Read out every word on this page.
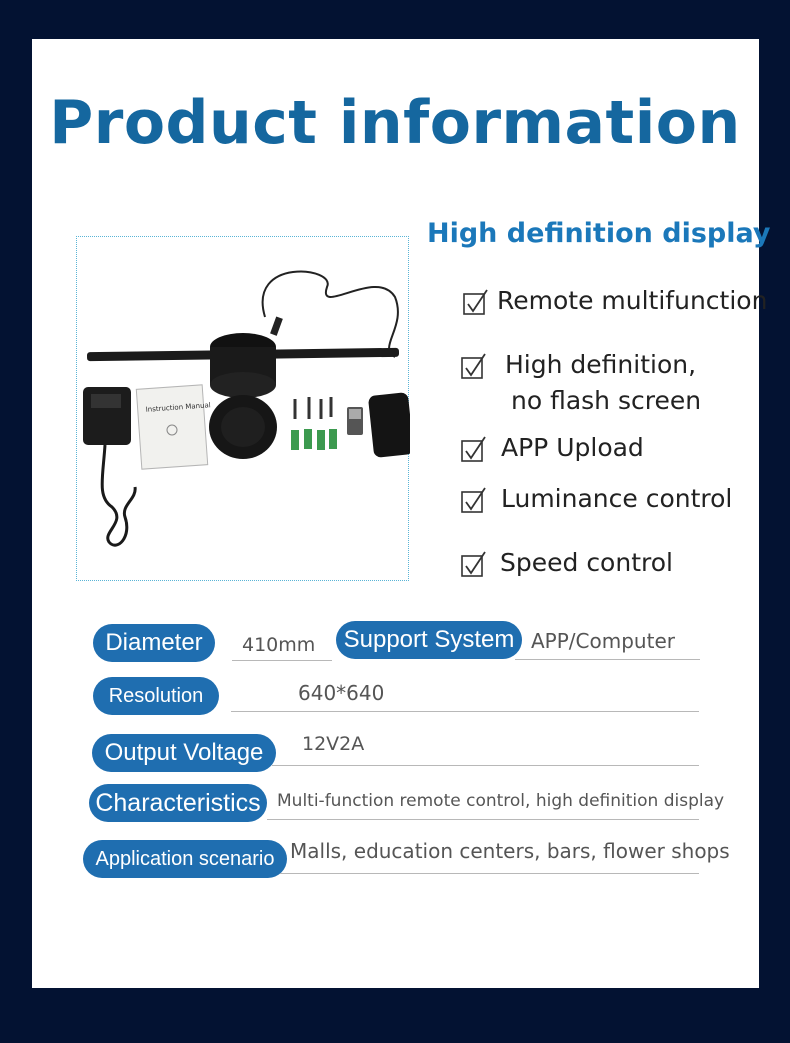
Product information
Instruction Manual
High definition display
Remote multifunction
High definition,
no flash screen
APP Upload
Luminance control
Speed control
Diameter	410mm	Support System APP/Computer
Resolution	640*640
Output Voltage	12V2A
Characteristics Multi-function remote control, high definition display
Application scenario Malls, education centers, bars, flower shops
